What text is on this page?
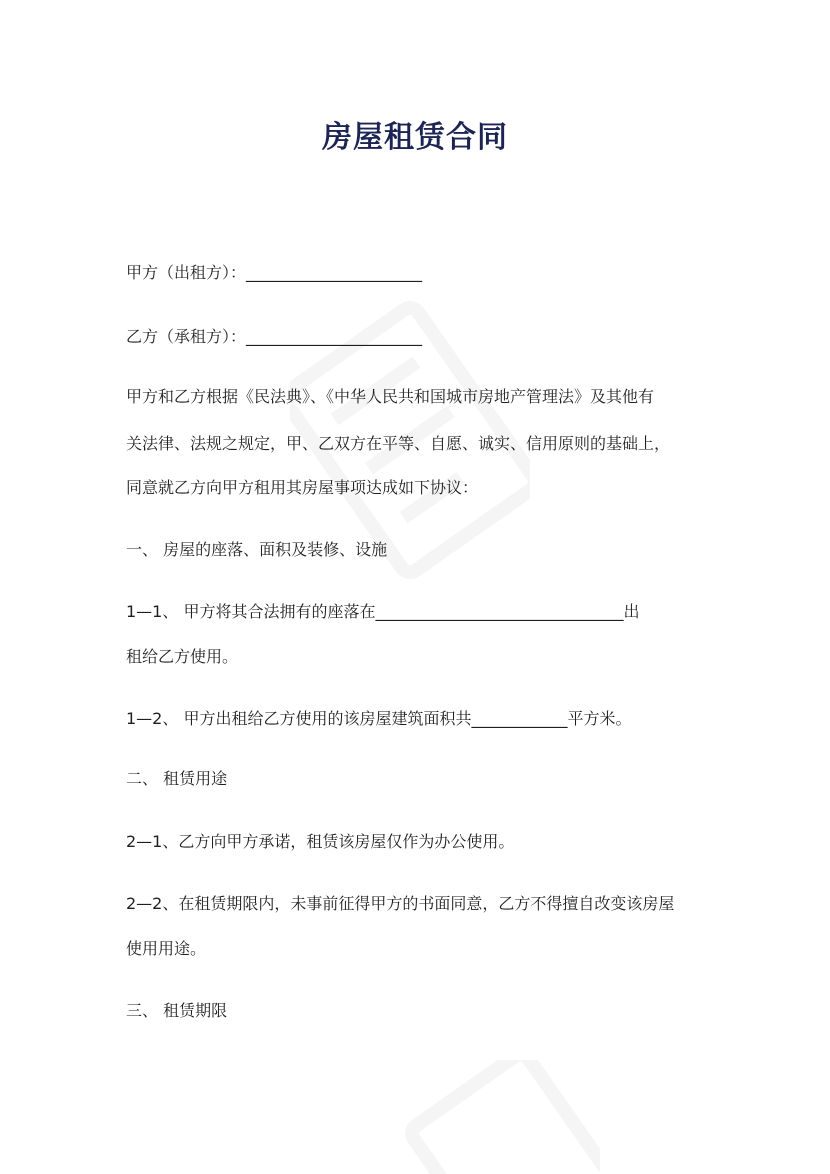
房屋租赁合同
甲方（出租方）：______________________
乙方（承租方）：______________________
甲方和乙方根据《民法典》、《中华人民共和国城市房地产管理法》及其他有
关法律、法规之规定，甲、乙双方在平等、自愿、诚实、信用原则的基础上，
同意就乙方向甲方租用其房屋事项达成如下协议：
一、 房屋的座落、面积及装修、设施
1—1、 甲方将其合法拥有的座落在_______________________________出
租给乙方使用。
1—2、 甲方出租给乙方使用的该房屋建筑面积共____________平方米。
二、 租赁用途
2—1、乙方向甲方承诺，租赁该房屋仅作为办公使用。
2—2、在租赁期限内，未事前征得甲方的书面同意，乙方不得擅自改变该房屋
使用用途。
三、 租赁期限
